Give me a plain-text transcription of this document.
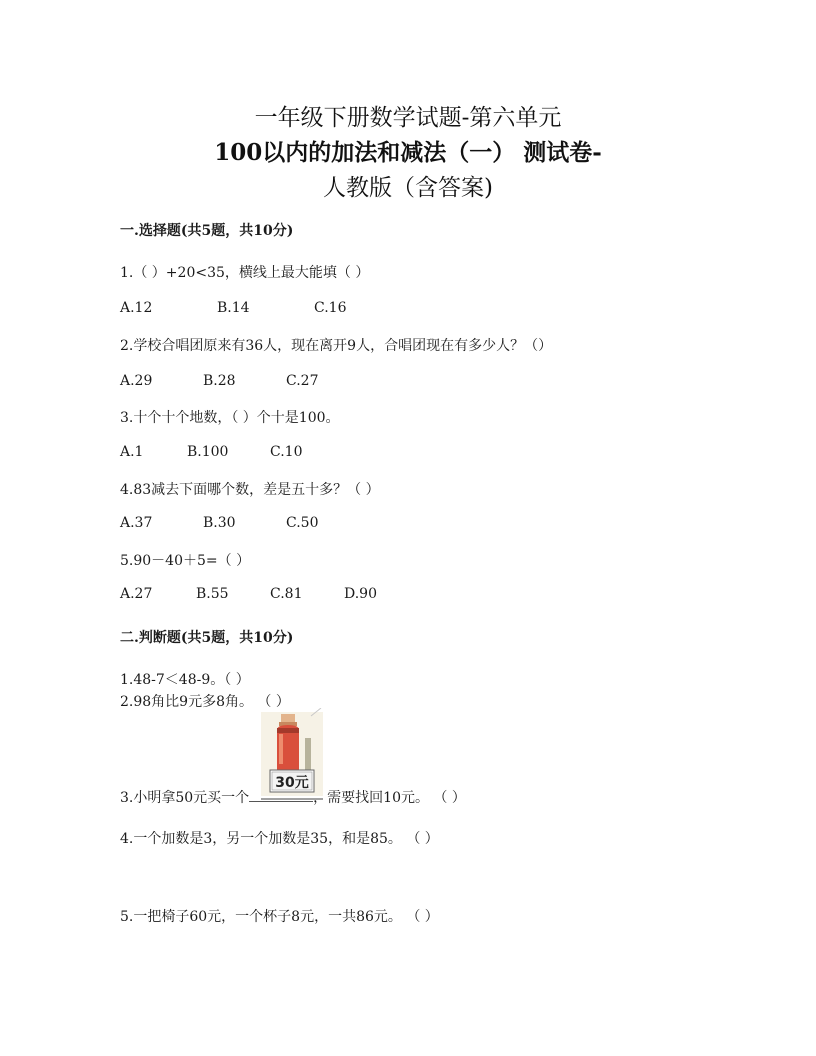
一年级下册数学试题-第六单元
100以内的加法和减法（一） 测试卷-
人教版（含答案)
一.选择题(共5题，共10分)
1.（ ）+20<35，横线上最大能填（ ）
A.12	B.14	C.16
2.学校合唱团原来有36人，现在离开9人，合唱团现在有多少人？（）
A.29	B.28	C.27
3.十个十个地数，（ ）个十是100。
A.1	B.100	C.10
4.83减去下面哪个数，差是五十多？（ ）
A.37	B.30	C.50
5.90－40＋5=（ ）
A.27	B.55	C.81	D.90
二.判断题(共5题，共10分)
1.48-7＜48-9。（ ）
2.98角比9元多8角。 （ ）
30元
3.小明拿50元买一个	，需要找回10元。 （ ）
4.一个加数是3，另一个加数是35，和是85。 （ ）
5.一把椅子60元，一个杯子8元，一共86元。 （ ）
